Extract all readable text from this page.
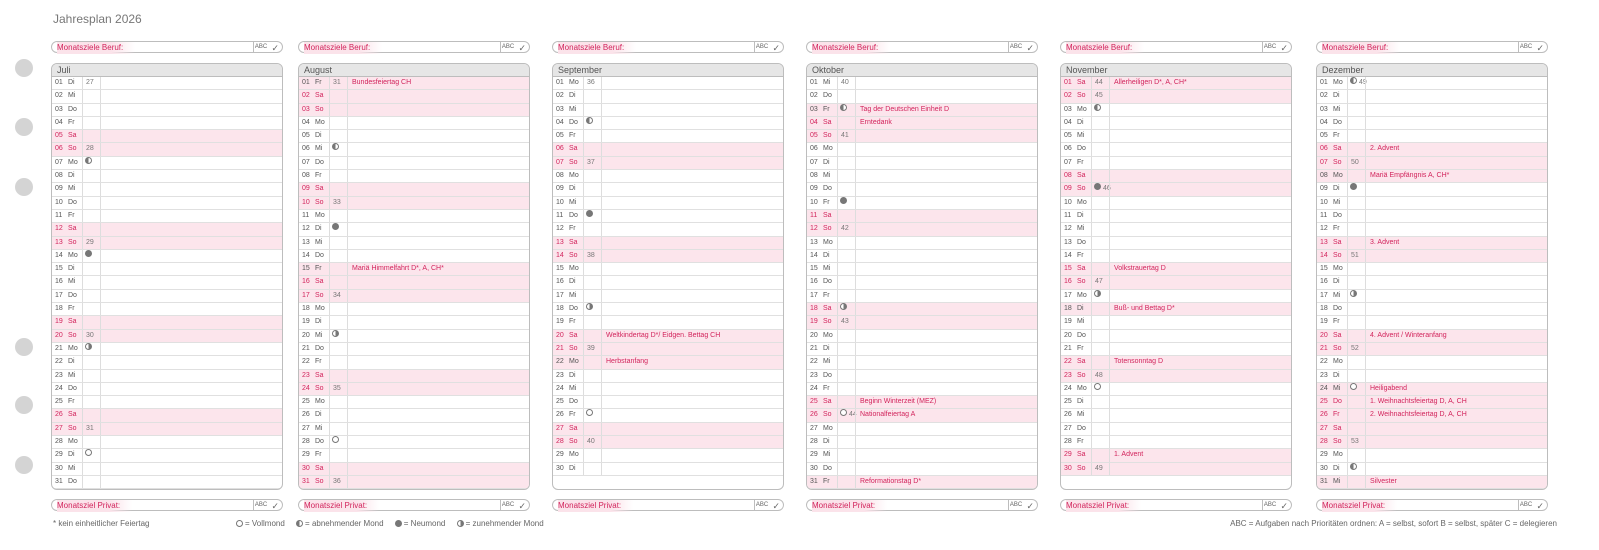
Jahresplan 2026
Monatsziele Beruf:	ABC ✓
Juli
01 Di 27
02 Mi
03 Do
04 Fr
05 Sa
06 So 28
07 Mo
08 Di
09 Mi
10 Do
11 Fr
12 Sa
13 So 29
14 Mo
15 Di
16 Mi
17 Do
18 Fr
19 Sa
20 So 30
21 Mo
22 Di
23 Mi
24 Do
25 Fr
26 Sa
27 So 31
28 Mo
29 Di
30 Mi
31 Do
Monatsziel Privat:	ABC ✓
Monatsziele Beruf:	ABC ✓
August
01 Fr 31	Bundesfeiertag CH
02 Sa
03 So
04 Mo
05 Di
06 Mi
07 Do
08 Fr
09 Sa
10 So 33
11 Mo
12 Di
13 Mi
14 Do
15 Fr	Mariä Himmelfahrt D*, A, CH*
16 Sa
17 So 34
18 Mo
19 Di
20 Mi
21 Do
22 Fr
23 Sa
24 So 35
25 Mo
26 Di
27 Mi
28 Do
29 Fr
30 Sa
31 So 36
Monatsziel Privat:	ABC ✓
Monatsziele Beruf:	ABC ✓
September
01 Mo 36
02 Di
03 Mi
04 Do
05 Fr
06 Sa
07 So 37
08 Mo
09 Di
10 Mi
11 Do
12 Fr
13 Sa
14 So 38
15 Mo
16 Di
17 Mi
18 Do
19 Fr
20 Sa	Weltkindertag D*/ Eidgen. Bettag CH
21 So 39
22 Mo	Herbstanfang
23 Di
24 Mi
25 Do
26 Fr
27 Sa
28 So 40
29 Mo
30 Di
Monatsziel Privat:	ABC ✓
Monatsziele Beruf:	ABC ✓
Oktober
01 Mi 40
02 Do
03 Fr	Tag der Deutschen Einheit D
04 Sa	Erntedank
05 So 41
06 Mo
07 Di
08 Mi
09 Do
10 Fr
11 Sa
12 So 42
13 Mo
14 Di
15 Mi
16 Do
17 Fr
18 Sa
19 So 43
20 Mo
21 Di
22 Mi
23 Do
24 Fr
25 Sa	Beginn Winterzeit (MEZ)
26 So 44 Nationalfeiertag A
27 Mo
28 Di
29 Mi
30 Do
31 Fr	Reformationstag D*
Monatsziel Privat:	ABC ✓
Monatsziele Beruf:	ABC ✓
November
01 Sa 44	Allerheiligen D*, A, CH*
02 So 45
03 Mo
04 Di
05 Mi
06 Do
07 Fr
08 Sa
09 So 46
10 Mo
11 Di
12 Mi
13 Do
14 Fr
15 Sa	Volkstrauertag D
16 So 47
17 Mo
18 Di	Buß- und Bettag D*
19 Mi
20 Do
21 Fr
22 Sa	Totensonntag D
23 So 48
24 Mo
25 Di
26 Mi
27 Do
28 Fr
29 Sa	1. Advent
30 So 49
Monatsziel Privat:	ABC ✓
Monatsziele Beruf:	ABC ✓
Dezember
01 Mo 49
02 Di
03 Mi
04 Do
05 Fr
06 Sa	2. Advent
07 So 50
08 Mo	Mariä Empfängnis A, CH*
09 Di
10 Mi
11 Do
12 Fr
13 Sa	3. Advent
14 So 51
15 Mo
16 Di
17 Mi
18 Do
19 Fr
20 Sa	4. Advent / Winteranfang
21 So 52
22 Mo
23 Di
24 Mi	Heiligabend
25 Do	1. Weihnachtsfeiertag D, A, CH
26 Fr	2. Weihnachtsfeiertag D, A, CH
27 Sa
28 So 53
29 Mo
30 Di
31 Mi	Silvester
Monatsziel Privat:	ABC ✓
* kein einheitlicher Feiertag	= Vollmond	= abnehmender Mond	= Neumond	= zunehmender Mond	ABC = Aufgaben nach Prioritäten ordnen: A = selbst, sofort B = selbst, später C = delegieren
